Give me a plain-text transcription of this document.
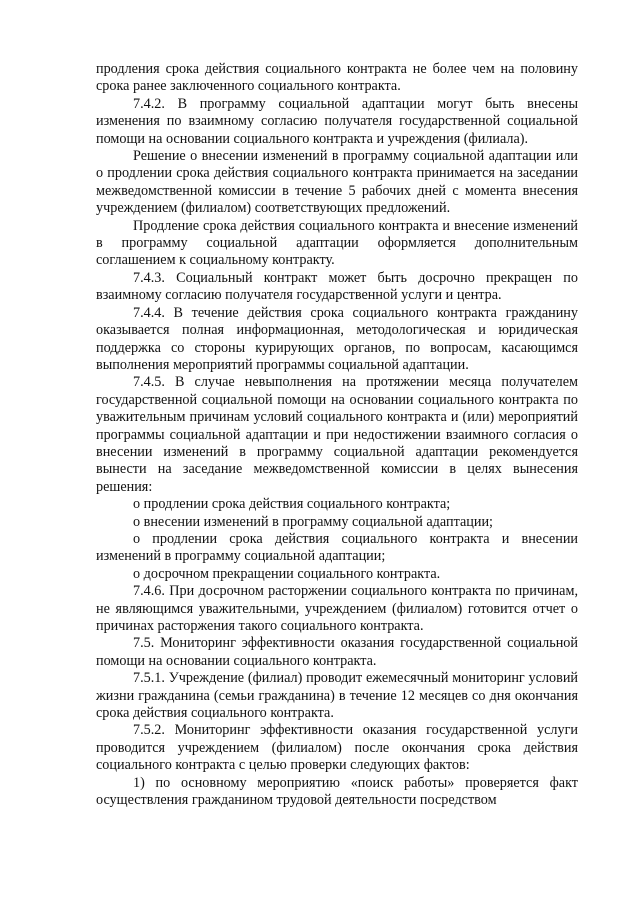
продления срока действия социального контракта не более чем на половину срока ранее заключенного социального контракта.

7.4.2. В программу социальной адаптации могут быть внесены изменения по взаимному согласию получателя государственной социальной помощи на основании социального контракта и учреждения (филиала).

Решение о внесении изменений в программу социальной адаптации или о продлении срока действия социального контракта принимается на заседании межведомственной комиссии в течение 5 рабочих дней с момента внесения учреждением (филиалом) соответствующих предложений.

Продление срока действия социального контракта и внесение изменений в программу социальной адаптации оформляется дополнительным соглашением к социальному контракту.

7.4.3. Социальный контракт может быть досрочно прекращен по взаимному согласию получателя государственной услуги и центра.

7.4.4. В течение действия срока социального контракта гражданину оказывается полная информационная, методологическая и юридическая поддержка со стороны курирующих органов, по вопросам, касающимся выполнения мероприятий программы социальной адаптации.

7.4.5. В случае невыполнения на протяжении месяца получателем государственной социальной помощи на основании социального контракта по уважительным причинам условий социального контракта и (или) мероприятий программы социальной адаптации и при недостижении взаимного согласия о внесении изменений в программу социальной адаптации рекомендуется вынести на заседание межведомственной комиссии в целях вынесения решения:

о продлении срока действия социального контракта;

о внесении изменений в программу социальной адаптации;

о продлении срока действия социального контракта и внесении изменений в программу социальной адаптации;

о досрочном прекращении социального контракта.

7.4.6. При досрочном расторжении социального контракта по причинам, не являющимся уважительными, учреждением (филиалом) готовится отчет о причинах расторжения такого социального контракта.

7.5. Мониторинг эффективности оказания государственной социальной помощи на основании социального контракта.

7.5.1. Учреждение (филиал) проводит ежемесячный мониторинг условий жизни гражданина (семьи гражданина) в течение 12 месяцев со дня окончания срока действия социального контракта.

7.5.2. Мониторинг эффективности оказания государственной услуги проводится учреждением (филиалом) после окончания срока действия социального контракта с целью проверки следующих фактов:

1) по основному мероприятию «поиск работы» проверяется факт осуществления гражданином трудовой деятельности посредством
